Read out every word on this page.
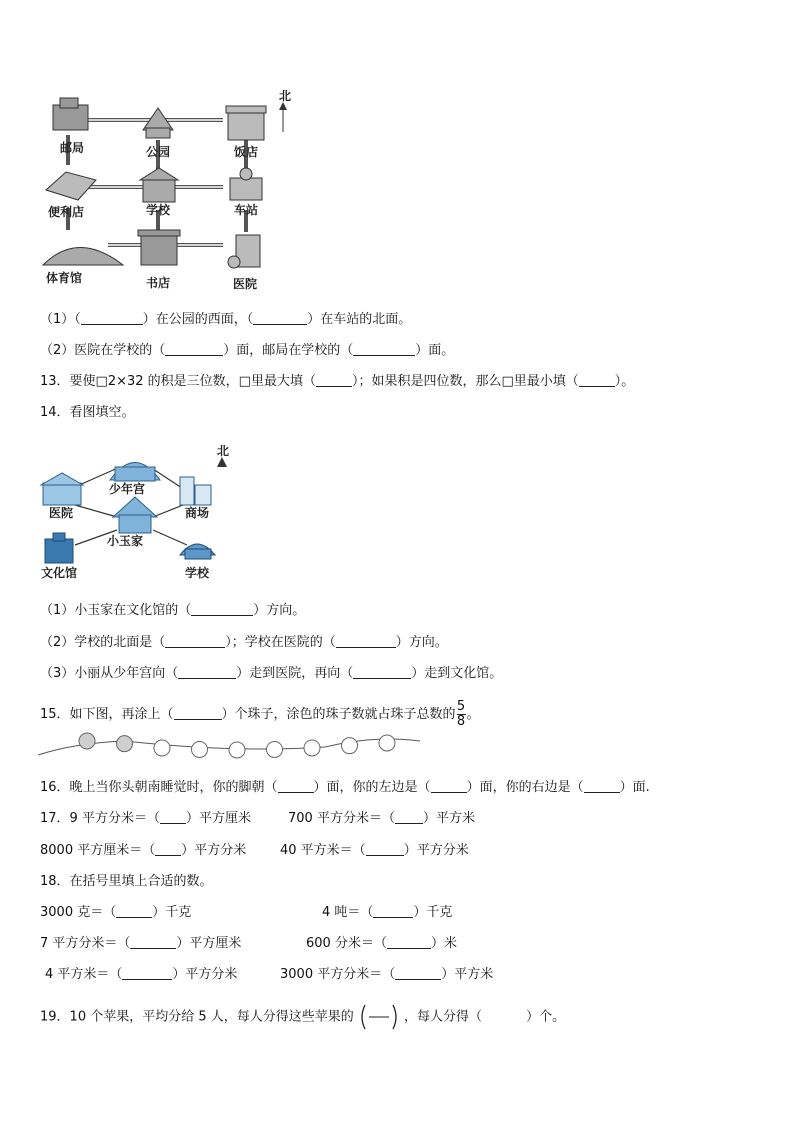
北
邮局	公园	饭店
便利店	学校	车站
体育馆	书店	医院
（1）（	）在公园的西面，（	）在车站的北面。
（2）医院在学校的（	）面，邮局在学校的（	）面。
13．要使□2×32 的积是三位数，□里最大填（	）；如果积是四位数，那么□里最小填（	）。
14．看图填空。
北
少年宫
医院	商场
小玉家
文化馆	学校
（1）小玉家在文化馆的（	）方向。
（2）学校的北面是（	）；学校在医院的（	）方向。
（3）小丽从少年宫向（	）走到医院，再向（	）走到文化馆。
15．如下图，再涂上（	）个珠子，涂色的珠子数就占珠子总数的 $\frac{5}{8}$ 。
16．晚上当你头朝南睡觉时，你的脚朝（	）面，你的左边是（	）面，你的右边是（	）面.
17．9 平方分米＝（ ）平方厘米	700 平方分米＝（ ）平方米
8000 平方厘米＝（ ）平方分米	40 平方米＝（	）平方分米
18．在括号里填上合适的数。
3000 克＝（	）千克	4 吨＝（	）千克
7 平方分米＝（	）平方厘米	600 分米＝（	）米
4 平方米＝（	）平方分米	3000 平方分米＝（	）平方米
19．10 个苹果，平均分给 5 人，每人分得这些苹果的	，每人分得（	）个。
